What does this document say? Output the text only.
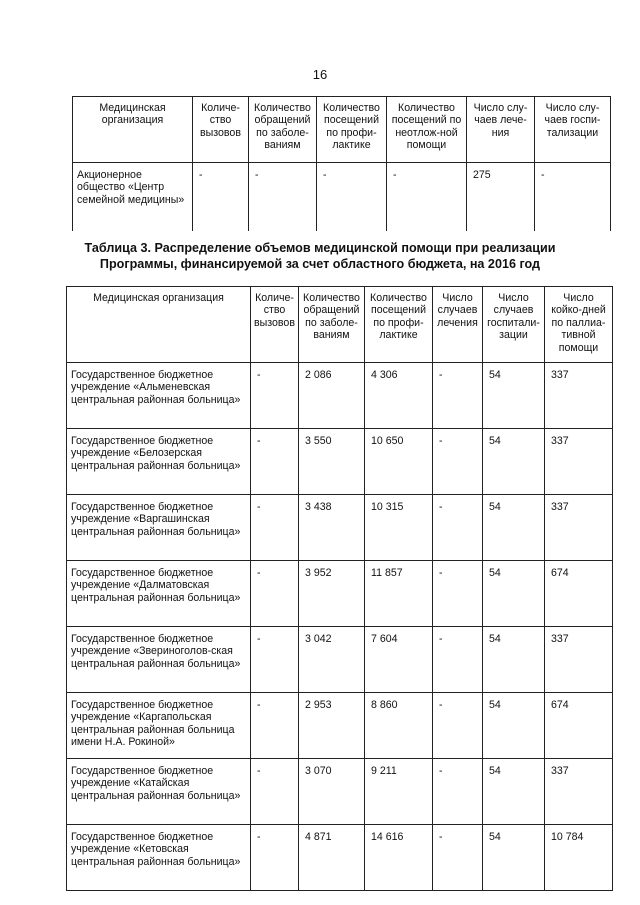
16
Медицинская организация	Количе-ство вызовов	Количество обращений по заболе-ваниям	Количество посещений по профи-лактике	Количество посещений по неотлож-ной помощи	Число слу-чаев лече-ния	Число слу-чаев госпи-тализации
Акционерное общество «Центр семейной медицины»	-	-	-	-	275	-
Таблица 3. Распределение объемов медицинской помощи при реализации
Программы, финансируемой за счет областного бюджета, на 2016 год
Медицинская организация	Количе-ство вызовов	Количество обращений по заболе-ваниям	Количество посещений по профи-лактике	Число случаев лечения	Число случаев госпитали-зации	Число койко-дней по паллиа-тивной помощи
Государственное бюджетное учреждение «Альменевская центральная районная больница»	-	2 086	4 306	-	54	337
Государственное бюджетное учреждение «Белозерская центральная районная больница»	-	3 550	10 650	-	54	337
Государственное бюджетное учреждение «Варгашинская центральная районная больница»	-	3 438	10 315	-	54	337
Государственное бюджетное учреждение «Далматовская центральная районная больница»	-	3 952	11 857	-	54	674
Государственное бюджетное учреждение «Звериноголов-ская центральная районная больница»	-	3 042	7 604	-	54	337
Государственное бюджетное учреждение «Каргапольская центральная районная больница имени Н.А. Рокиной»	-	2 953	8 860	-	54	674
Государственное бюджетное учреждение «Катайская центральная районная больница»	-	3 070	9 211	-	54	337
Государственное бюджетное учреждение «Кетовская центральная районная больница»	-	4 871	14 616	-	54	10 784
